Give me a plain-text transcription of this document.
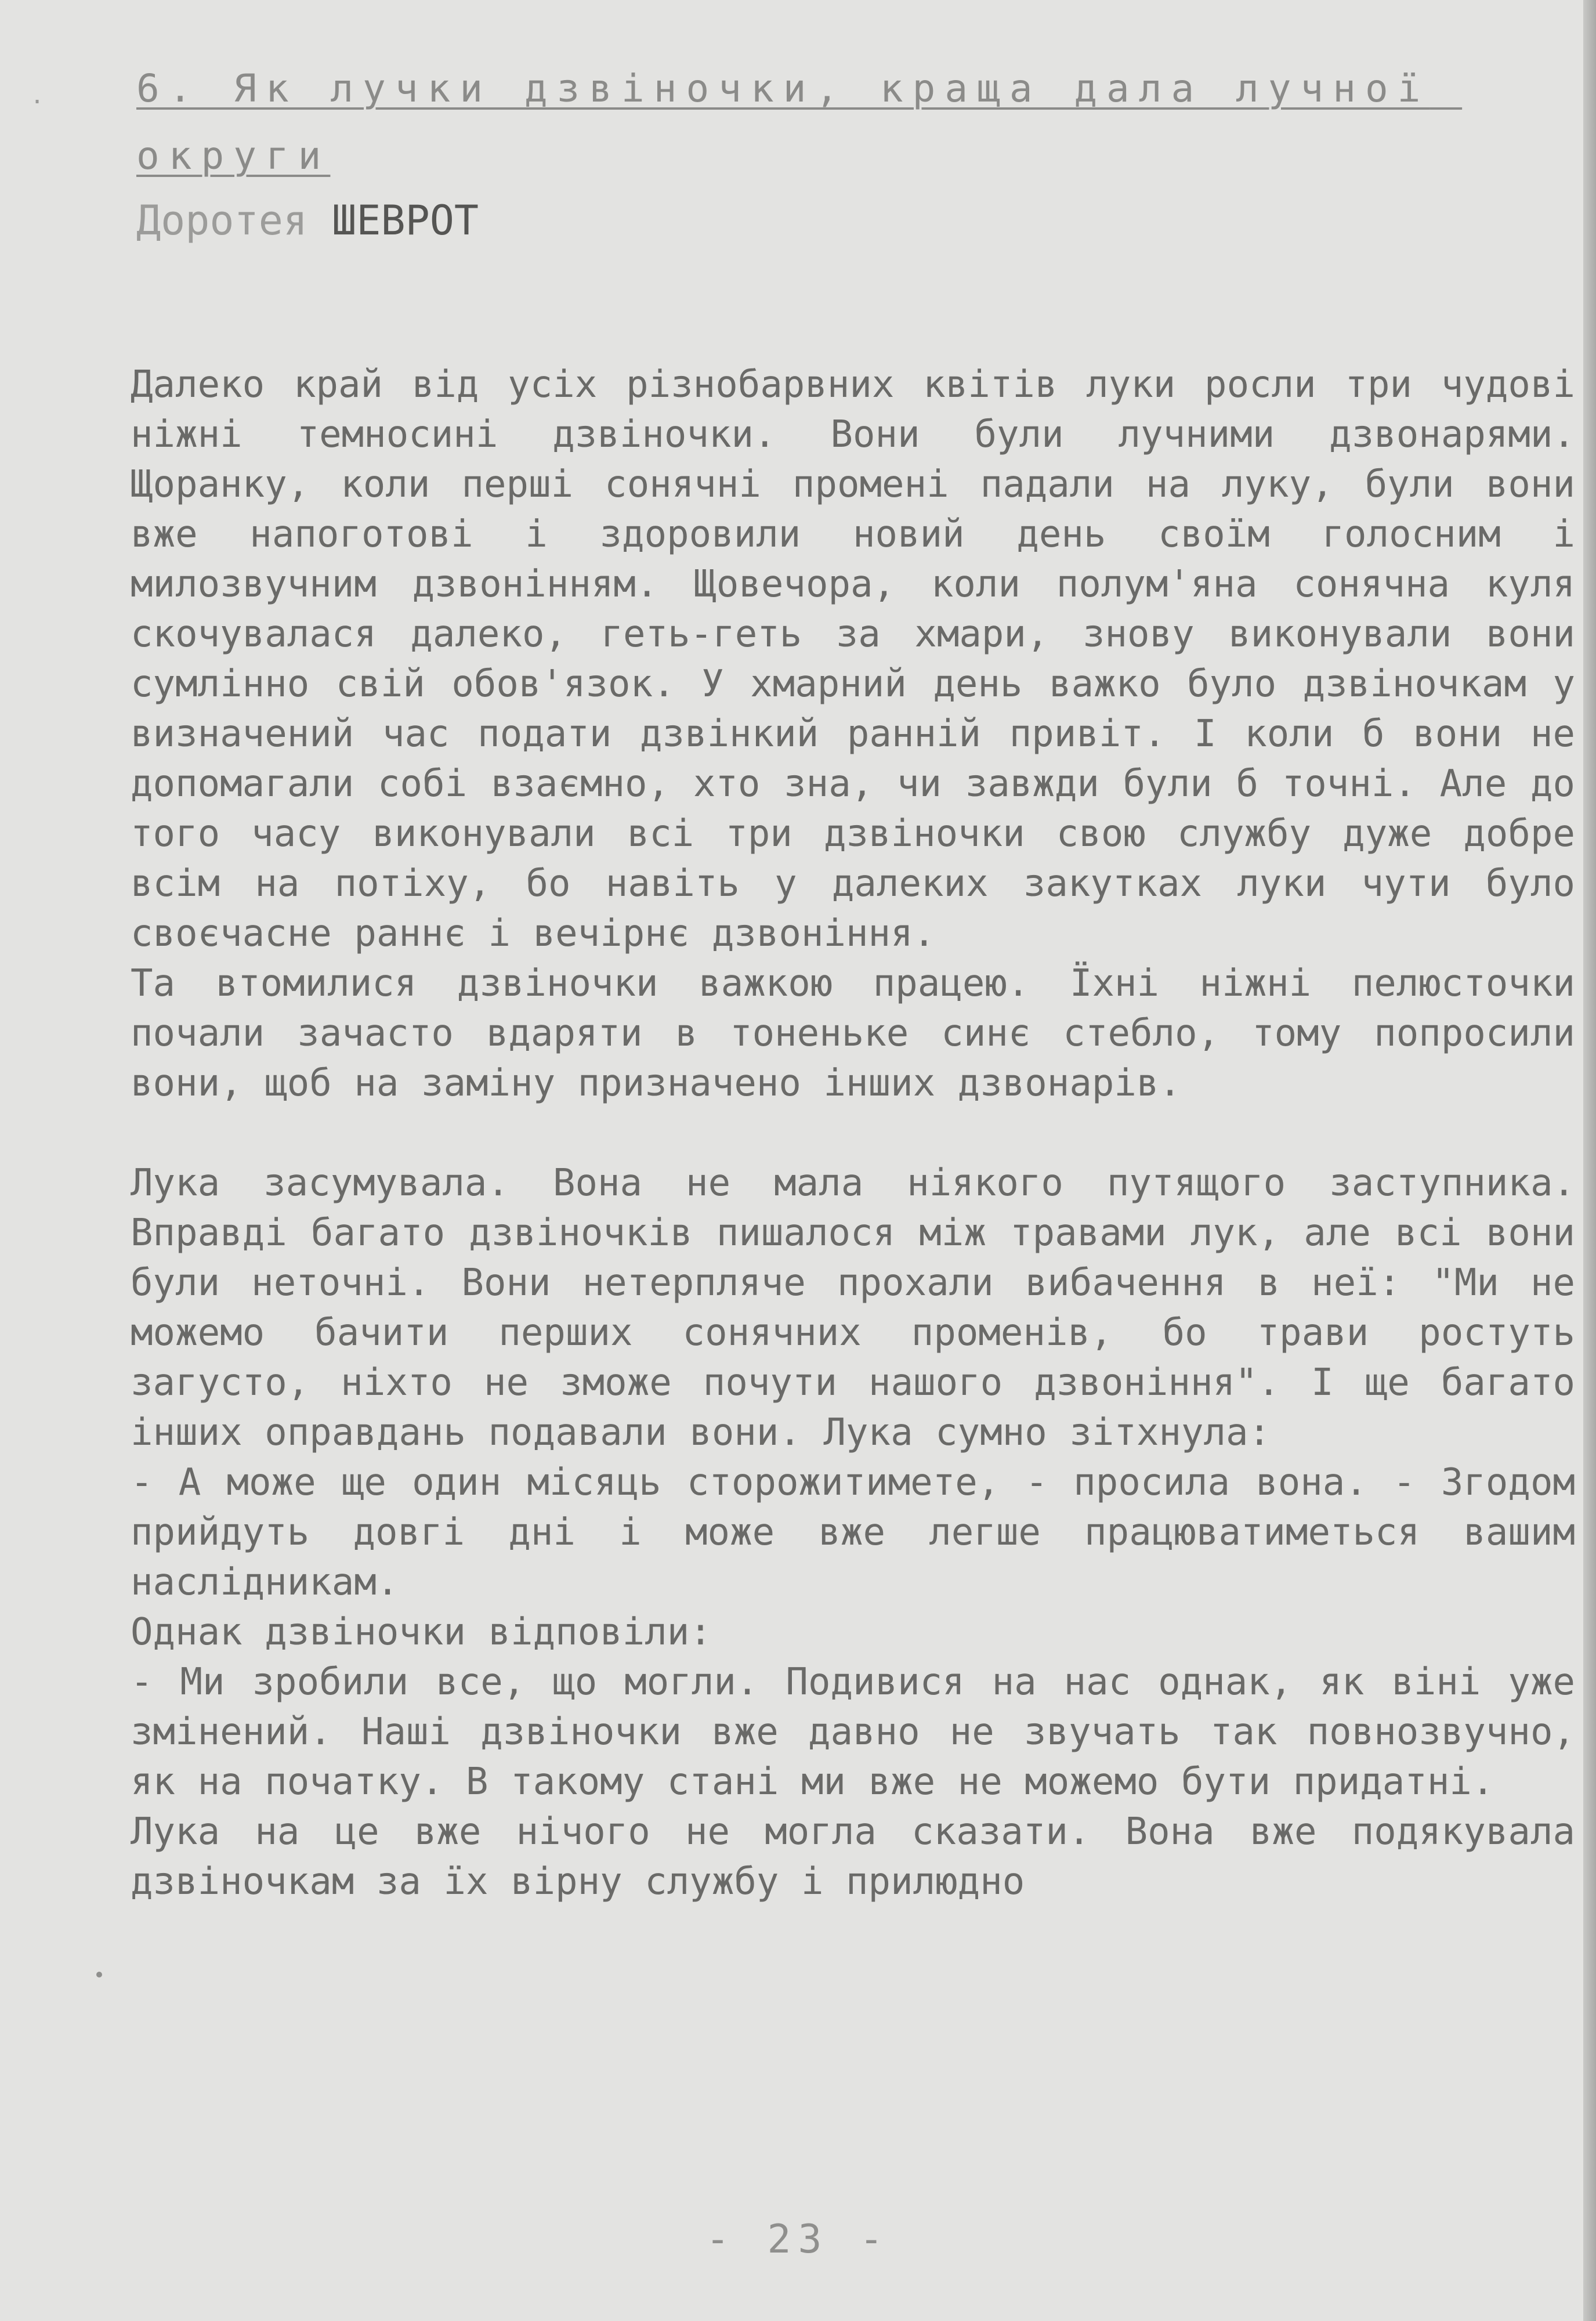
. 6. Як лучки дзвіночки, краща дала лучної округи
Доротея ШЕВРОТ

Далеко край від усіх різнобарвних квітів луки росли три чудові ніжні темносині дзвіночки. Вони були лучними дзвонарями. Щоранку, коли перші сонячні промені падали на луку, були вони вже напоготові і здоровили новий день своїм голосним і милозвучним дзвонінням. Щовечора, коли полум'яна сонячна куля скочувалася далеко, геть-геть за хмари, знову виконували вони сумлінно свій обов'язок. У хмарний день важко було дзвіночкам у визначений час подати дзвінкий ранній привіт. І коли б вони не допомагали собі взаємно, хто зна, чи завжди були б точні. Але до того часу виконували всі три дзвіночки свою службу дуже добре всім на потіху, бо навіть у далеких закутках луки чути було своєчасне раннє і вечірнє дзвоніння.

Та втомилися дзвіночки важкою працею. Їхні ніжні пелюсточки почали зачасто вдаряти в тоненьке синє стебло, тому попросили вони, щоб на заміну призначено інших дзвонарів.

Лука засумувала. Вона не мала ніякого путящого заступника. Вправді багато дзвіночків пишалося між травами лук, але всі вони були неточні. Вони нетерпляче прохали вибачення в неї: "Ми не можемо бачити перших сонячних променів, бо трави ростуть загусто, ніхто не зможе почути нашого дзвоніння". І ще багато інших оправдань подавали вони. Лука сумно зітхнула:

- А може ще один місяць сторожитимете, - просила вона. - Згодом прийдуть довгі дні і може вже легше працюватиметься вашим наслідникам.

Однак дзвіночки відповіли:

- Ми зробили все, що могли. Подивися на нас однак, як віні уже змінений. Наші дзвіночки вже давно не звучать так повнозвучно, як на початку. В такому стані ми вже не можемо бути придатні.

Лука на це вже нічого не могла сказати. Вона вже подякувала дзвіночкам за їх вірну службу і прилюдно

- 23 -
